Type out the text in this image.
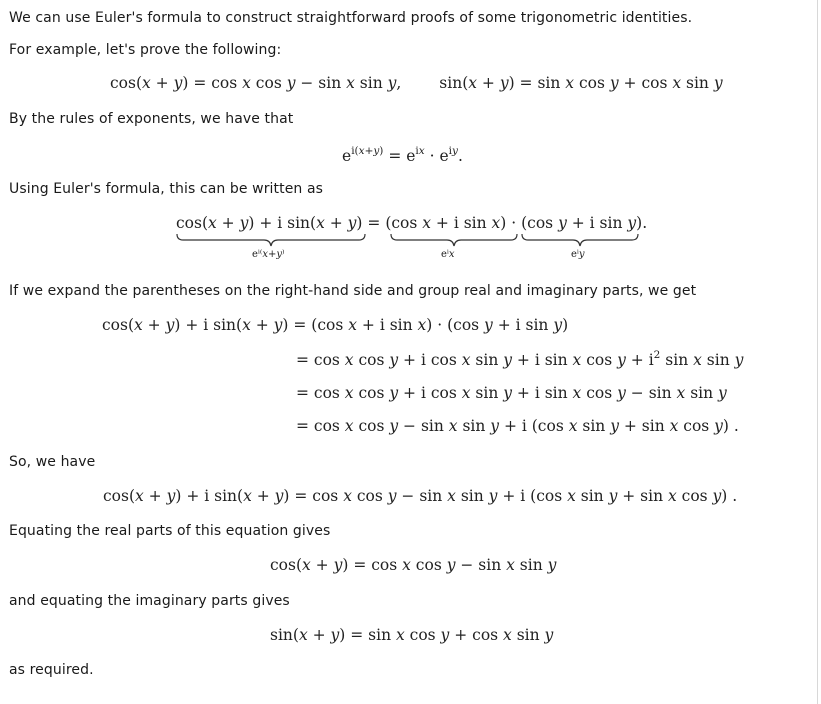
We can use Euler's formula to construct straightforward proofs of some trigonometric identities.
For example, let's prove the following:
cos(𝑥 + 𝑦) = cos 𝑥 cos 𝑦 − sin 𝑥 sin 𝑦, sin(𝑥 + 𝑦) = sin 𝑥 cos 𝑦 + cos 𝑥 sin 𝑦
By the rules of exponents, we have that
$e^{i(𝑥+𝑦)} = e^{i𝑥} \cdot e^{i𝑦}$.
Using Euler's formula, this can be written as
cos(𝑥 + 𝑦) + i sin(𝑥 + 𝑦) = (cos 𝑥 + i sin 𝑥) · (cos 𝑦 + i sin 𝑦).
eⁱ⁽𝑥+𝑦⁾	eⁱ𝑥	eⁱ𝑦
If we expand the parentheses on the right-hand side and group real and imaginary parts, we get
cos(𝑥 + 𝑦) + i sin(𝑥 + 𝑦) = (cos 𝑥 + i sin 𝑥) · (cos 𝑦 + i sin 𝑦)
= cos 𝑥 cos 𝑦 + i cos 𝑥 sin 𝑦 + i sin 𝑥 cos 𝑦 + $i^2$ sin 𝑥 sin 𝑦
= cos 𝑥 cos 𝑦 + i cos 𝑥 sin 𝑦 + i sin 𝑥 cos 𝑦 − sin 𝑥 sin 𝑦
= cos 𝑥 cos 𝑦 − sin 𝑥 sin 𝑦 + i (cos 𝑥 sin 𝑦 + sin 𝑥 cos 𝑦) .
So, we have
cos(𝑥 + 𝑦) + i sin(𝑥 + 𝑦) = cos 𝑥 cos 𝑦 − sin 𝑥 sin 𝑦 + i (cos 𝑥 sin 𝑦 + sin 𝑥 cos 𝑦) .
Equating the real parts of this equation gives
cos(𝑥 + 𝑦) = cos 𝑥 cos 𝑦 − sin 𝑥 sin 𝑦
and equating the imaginary parts gives
sin(𝑥 + 𝑦) = sin 𝑥 cos 𝑦 + cos 𝑥 sin 𝑦
as required.
